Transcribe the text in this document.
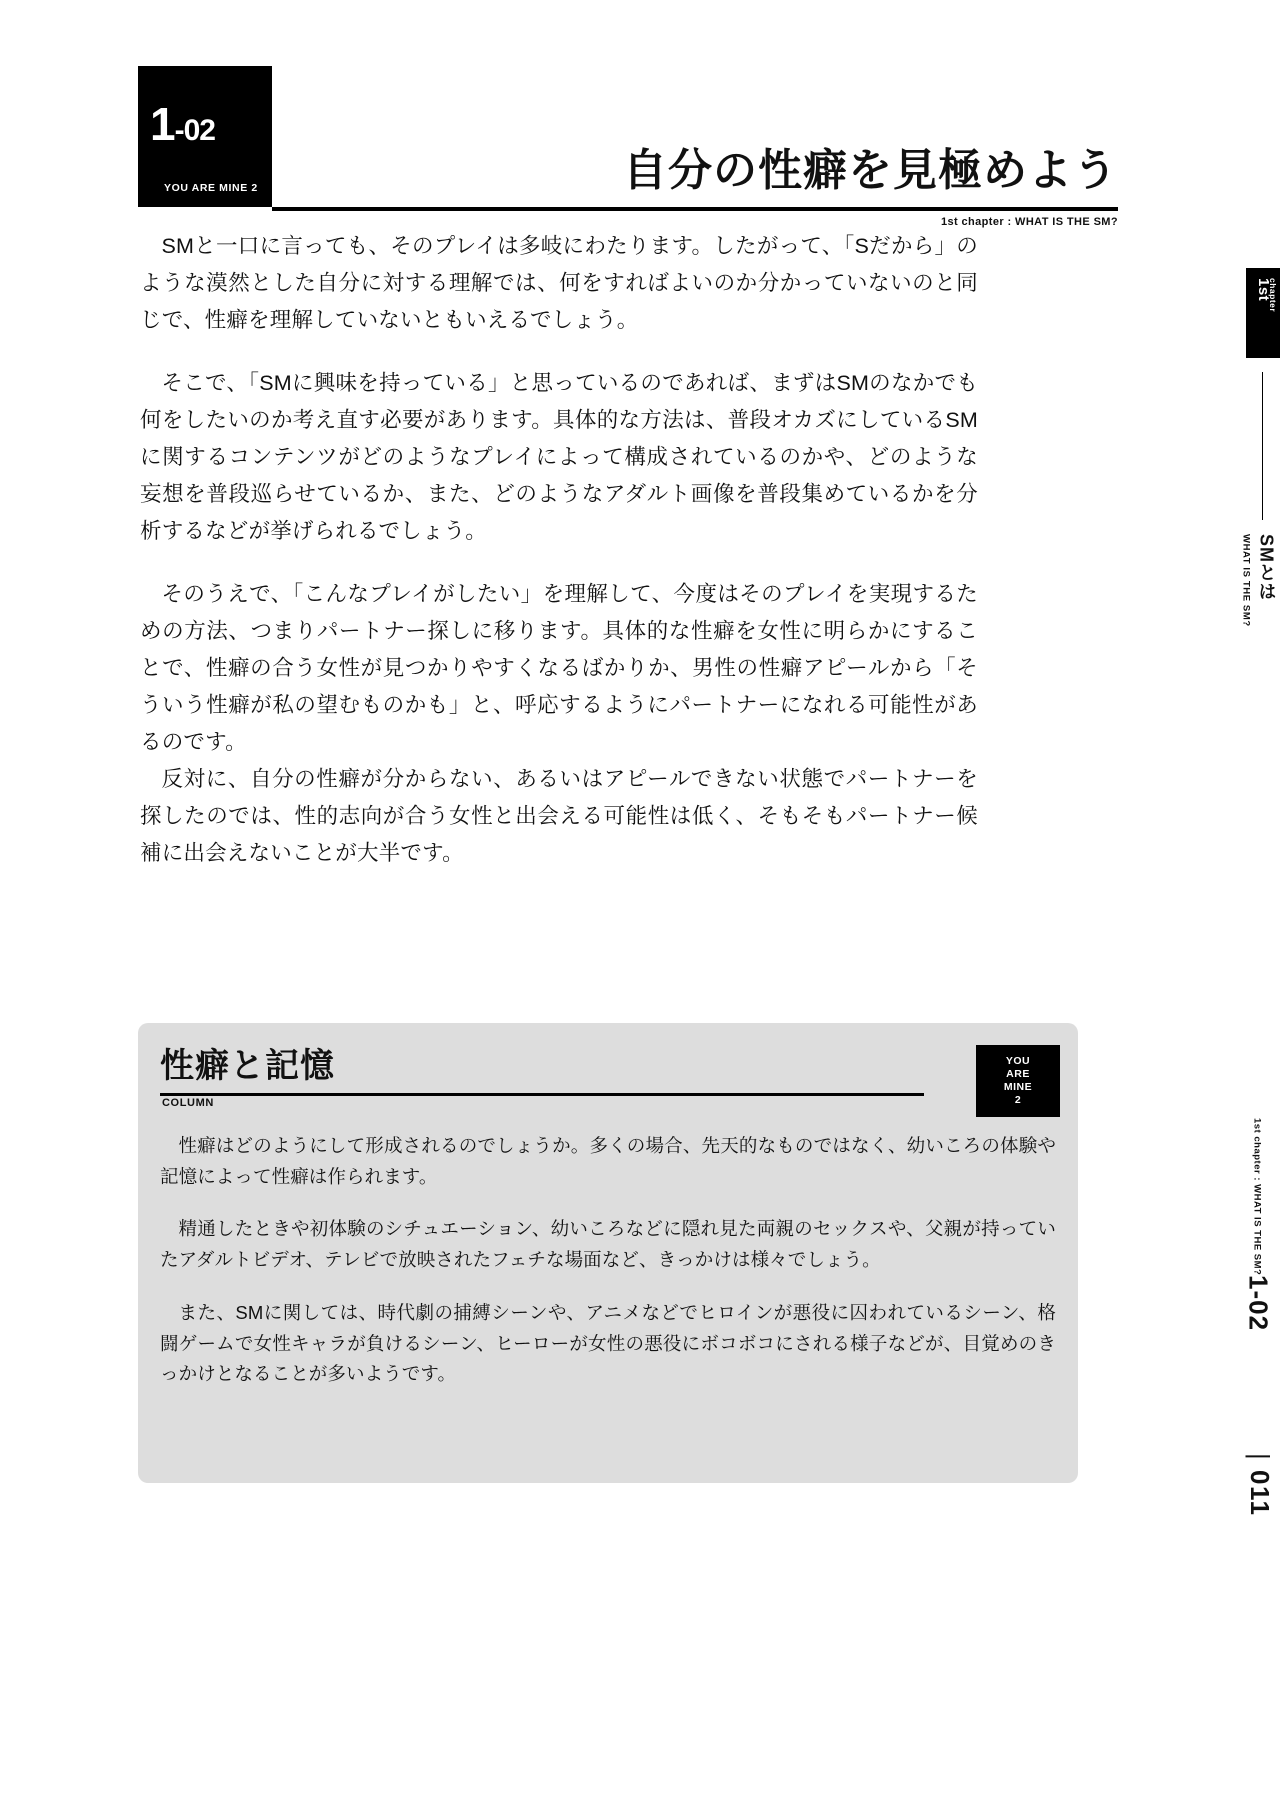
1-02
YOU ARE MINE 2	自分の性癖を見極めよう
1st chapter : WHAT IS THE SM?

SMと一口に言っても、そのプレイは多岐にわたります。したがって、「Sだから」のような漠然とした自分に対する理解では、何をすればよいのか分かっていないのと同じで、性癖を理解していないともいえるでしょう。

そこで、「SMに興味を持っている」と思っているのであれば、まずはSMのなかでも何をしたいのか考え直す必要があります。具体的な方法は、普段オカズにしているSMに関するコンテンツがどのようなプレイによって構成されているのかや、どのような妄想を普段巡らせているか、また、どのようなアダルト画像を普段集めているかを分析するなどが挙げられるでしょう。

そのうえで、「こんなプレイがしたい」を理解して、今度はそのプレイを実現するための方法、つまりパートナー探しに移ります。具体的な性癖を女性に明らかにすることで、性癖の合う女性が見つかりやすくなるばかりか、男性の性癖アピールから「そういう性癖が私の望むものかも」と、呼応するようにパートナーになれる可能性があるのです。

反対に、自分の性癖が分からない、あるいはアピールできない状態でパートナーを探したのでは、性的志向が合う女性と出会える可能性は低く、そもそもパートナー候補に出会えないことが大半です。

1st
chapter
WHAT IS THE SM? SMとは
1st chapter : WHAT IS THE SM?1-02
| 011
性癖と記憶
COLUMN
YOU
ARE
MINE
2

性癖はどのようにして形成されるのでしょうか。多くの場合、先天的なものではなく、幼いころの体験や記憶によって性癖は作られます。

精通したときや初体験のシチュエーション、幼いころなどに隠れ見た両親のセックスや、父親が持っていたアダルトビデオ、テレビで放映されたフェチな場面など、きっかけは様々でしょう。

また、SMに関しては、時代劇の捕縛シーンや、アニメなどでヒロインが悪役に囚われているシーン、格闘ゲームで女性キャラが負けるシーン、ヒーローが女性の悪役にボコボコにされる様子などが、目覚めのきっかけとなることが多いようです。
